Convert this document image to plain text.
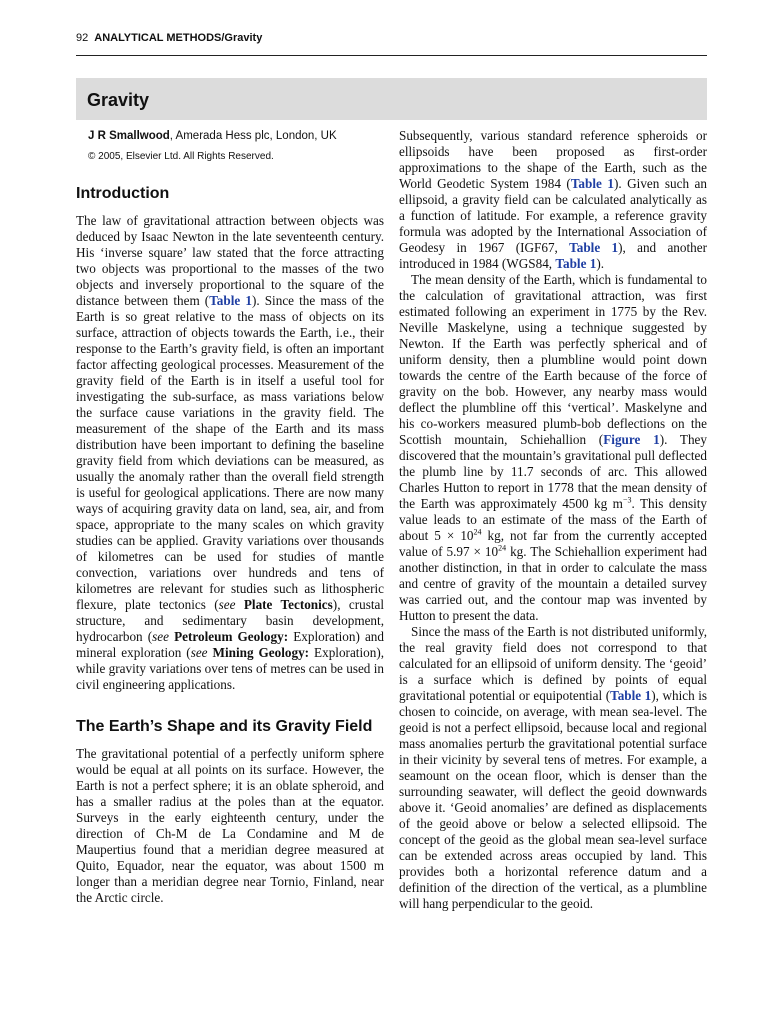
92 ANALYTICAL METHODS/Gravity
Gravity
J R Smallwood, Amerada Hess plc, London, UK
© 2005, Elsevier Ltd. All Rights Reserved.
Introduction

The law of gravitational attraction between objects was deduced by Isaac Newton in the late seventeenth century. His ‘inverse square’ law stated that the force attracting two objects was proportional to the masses of the two objects and inversely proportional to the square of the distance between them (Table 1). Since the mass of the Earth is so great relative to the mass of objects on its surface, attraction of objects towards the Earth, i.e., their response to the Earth’s gravity field, is often an important factor affecting geological processes. Measurement of the gravity field of the Earth is in itself a useful tool for investigating the sub-surface, as mass variations below the surface cause variations in the gravity field. The measurement of the shape of the Earth and its mass distribution have been important to defining the baseline gravity field from which deviations can be measured, as usually the anomaly rather than the overall field strength is useful for geological applications. There are now many ways of acquiring gravity data on land, sea, air, and from space, appropriate to the many scales on which gravity studies can be applied. Gravity variations over thousands of kilometres can be used for studies of mantle convection, variations over hundreds and tens of kilometres are relevant for studies such as lithospheric flexure, plate tectonics (see Plate Tectonics), crustal structure, and sedimentary basin development, hydrocarbon (see Petroleum Geology: Exploration) and mineral exploration (see Mining Geology: Exploration), while gravity variations over tens of metres can be used in civil engineering applications.

The Earth’s Shape and its Gravity Field

The gravitational potential of a perfectly uniform sphere would be equal at all points on its surface. However, the Earth is not a perfect sphere; it is an oblate spheroid, and has a smaller radius at the poles than at the equator. Surveys in the early eighteenth century, under the direction of Ch-M de La Condamine and M de Maupertius found that a meridian degree measured at Quito, Equador, near the equator, was about 1500 m longer than a meridian degree near Tornio, Finland, near the Arctic circle.

Subsequently, various standard reference spheroids or ellipsoids have been proposed as first-order approximations to the shape of the Earth, such as the World Geodetic System 1984 (Table 1). Given such an ellipsoid, a gravity field can be calculated analytically as a function of latitude. For example, a reference gravity formula was adopted by the International Association of Geodesy in 1967 (IGF67, Table 1), and another introduced in 1984 (WGS84, Table 1).

The mean density of the Earth, which is fundamental to the calculation of gravitational attraction, was first estimated following an experiment in 1775 by the Rev. Neville Maskelyne, using a technique suggested by Newton. If the Earth was perfectly spherical and of uniform density, then a plumbline would point down towards the centre of the Earth because of the force of gravity on the bob. However, any nearby mass would deflect the plumbline off this ‘vertical’. Maskelyne and his co-workers measured plumb-bob deflections on the Scottish mountain, Schiehallion (Figure 1). They discovered that the mountain’s gravitational pull deflected the plumb line by 11.7 seconds of arc. This allowed Charles Hutton to report in 1778 that the mean density of the Earth was approximately 4500 kg $m^{-3}$. This density value leads to an estimate of the mass of the Earth of about $5 \times 10^{24}$ kg, not far from the currently accepted value of $5.97 \times 10^{24}$ kg. The Schiehallion experiment had another distinction, in that in order to calculate the mass and centre of gravity of the mountain a detailed survey was carried out, and the contour map was invented by Hutton to present the data.

Since the mass of the Earth is not distributed uniformly, the real gravity field does not correspond to that calculated for an ellipsoid of uniform density. The ‘geoid’ is a surface which is defined by points of equal gravitational potential or equipotential (Table 1), which is chosen to coincide, on average, with mean sea-level. The geoid is not a perfect ellipsoid, because local and regional mass anomalies perturb the gravitational potential surface in their vicinity by several tens of metres. For example, a seamount on the ocean floor, which is denser than the surrounding seawater, will deflect the geoid downwards above it. ‘Geoid anomalies’ are defined as displacements of the geoid above or below a selected ellipsoid. The concept of the geoid as the global mean sea-level surface can be extended across areas occupied by land. This provides both a horizontal reference datum and a definition of the direction of the vertical, as a plumbline will hang perpendicular to the geoid.
